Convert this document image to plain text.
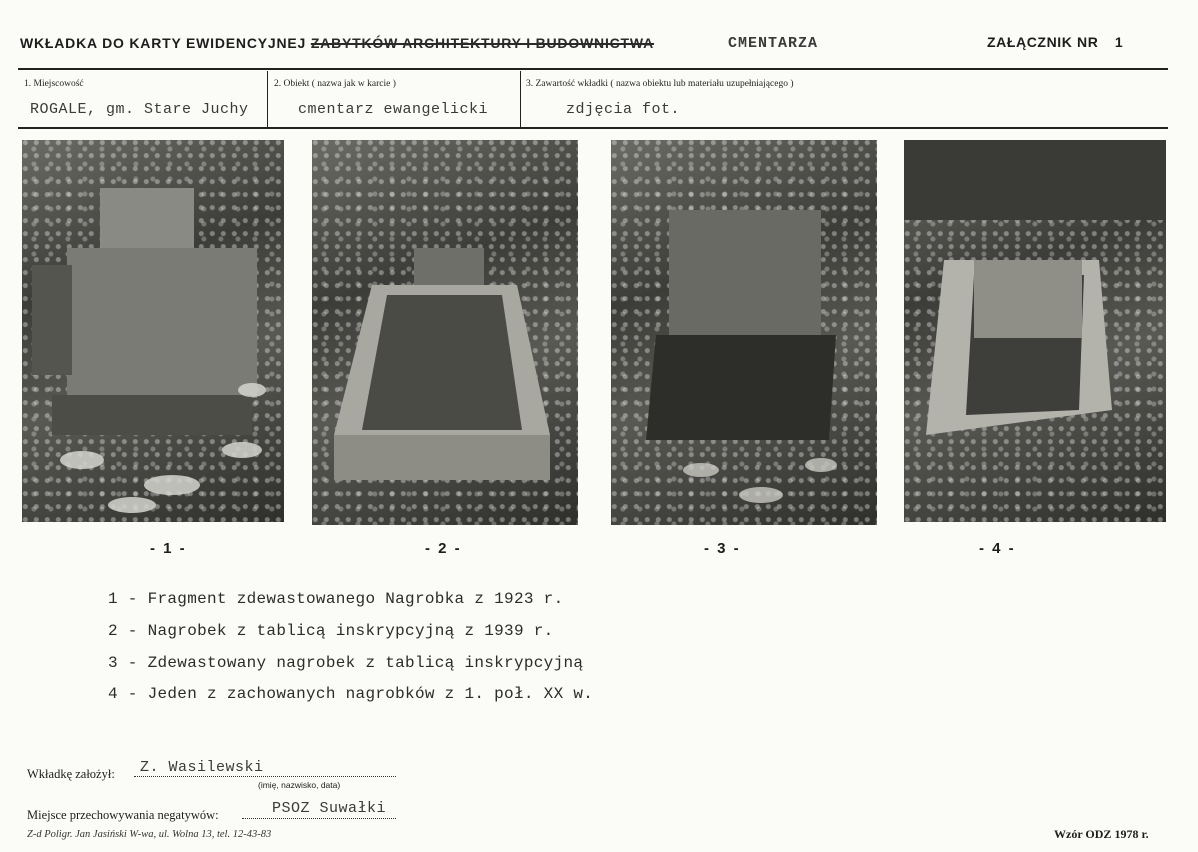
WKŁADKA DO KARTY EWIDENCYJNEJ ZABYTKÓW ARCHITEKTURY I BUDOWNICTWA	CMENTARZA	ZAŁĄCZNIK NR 1
1. Miejscowość
ROGALE, gm. Stare Juchy
2. Obiekt ( nazwa jak w karcie )
cmentarz ewangelicki
3. Zawartość wkładki ( nazwa obiektu lub materiału uzupełniającego )
zdjęcia fot.
- 1 -	- 2 -	- 3 -	- 4 -
1 - Fragment zdewastowanego Nagrobka z 1923 r.
2 - Nagrobek z tablicą inskrypcyjną z 1939 r.
3 - Zdewastowany nagrobek z tablicą inskrypcyjną
4 - Jeden z zachowanych nagrobków z 1. poł. XX w.
Wkładkę założył: Z. Wasilewski
(imię, nazwisko, data)
Miejsce przechowywania negatywów:	PSOZ Suwałki
Z-d Poligr. Jan Jasiński W-wa, ul. Wolna 13, tel. 12-43-83	Wzór ODZ 1978 r.
